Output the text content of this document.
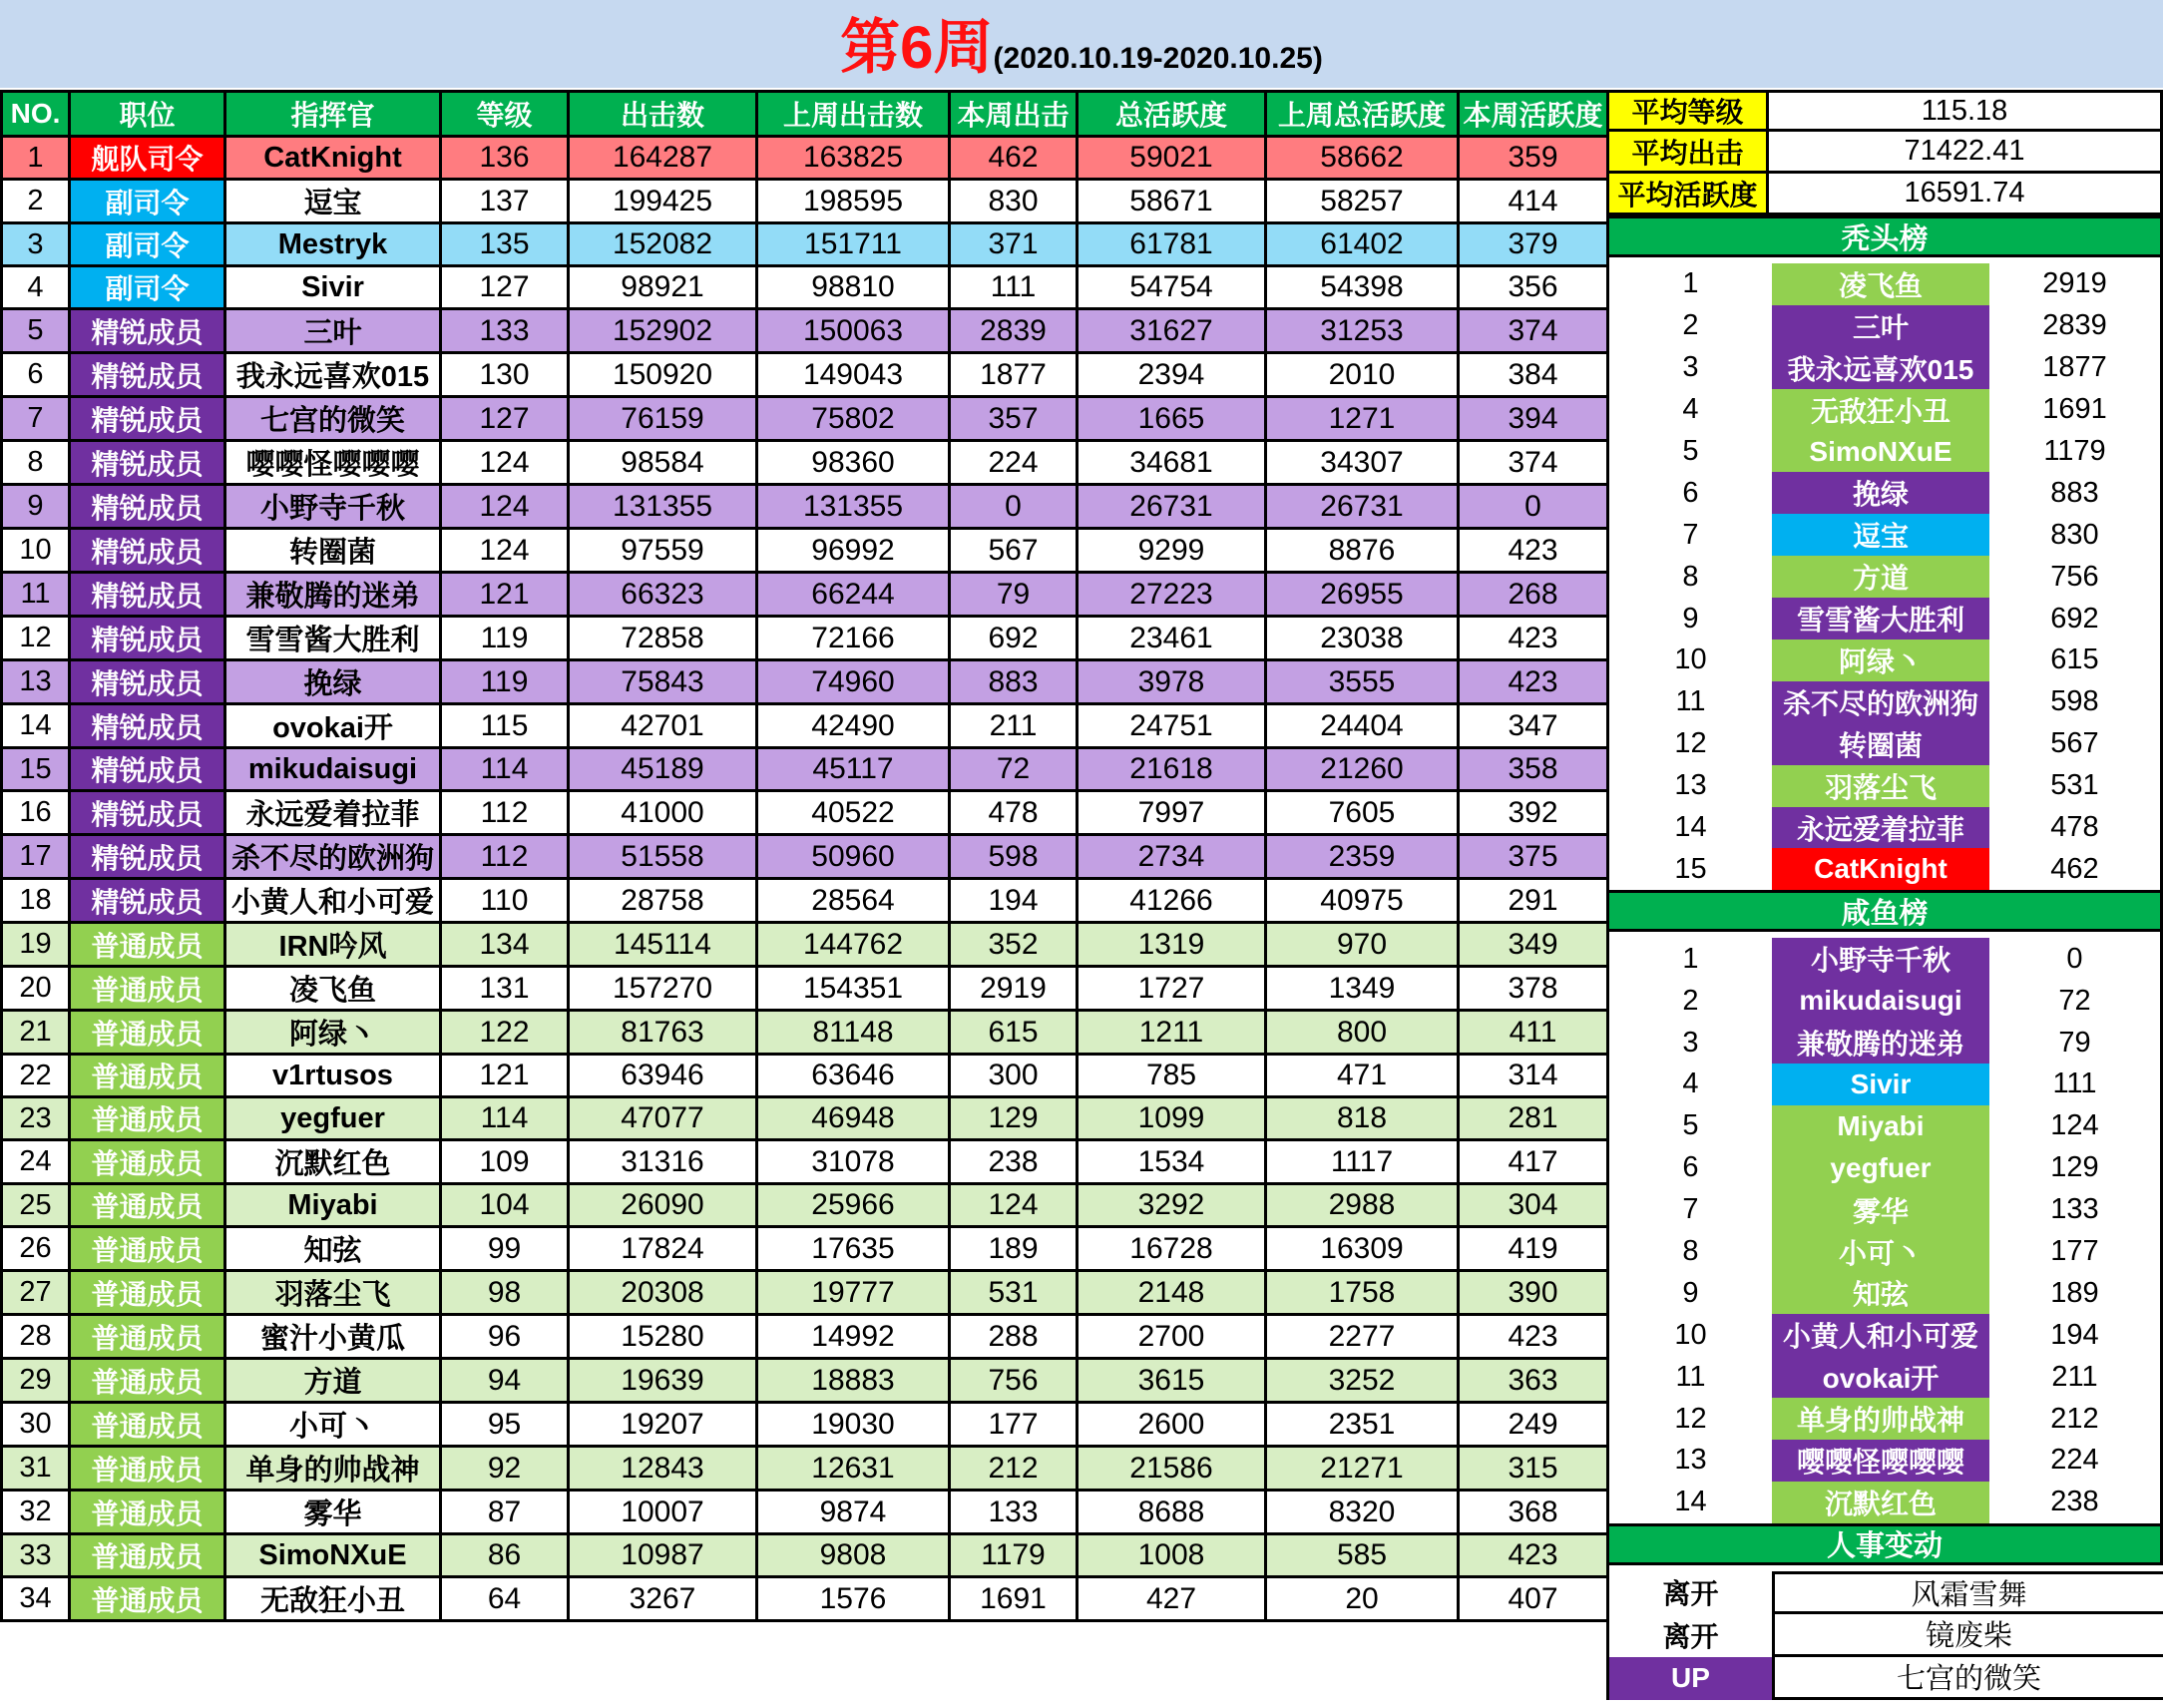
第6周(2020.10.19-2020.10.25)
NO.	职位	指挥官	等级	出击数	上周出击数	本周出击	总活跃度	上周总活跃度	本周活跃度
1	舰队司令	CatKnight	136	164287	163825	462	59021	58662	359
2	副司令	逗宝	137	199425	198595	830	58671	58257	414
3	副司令	Mestryk	135	152082	151711	371	61781	61402	379
4	副司令	Sivir	127	98921	98810	111	54754	54398	356
5	精锐成员	三叶	133	152902	150063	2839	31627	31253	374
6	精锐成员	我永远喜欢015	130	150920	149043	1877	2394	2010	384
7	精锐成员	七宫的微笑	127	76159	75802	357	1665	1271	394
8	精锐成员	嘤嘤怪嘤嘤嘤	124	98584	98360	224	34681	34307	374
9	精锐成员	小野寺千秋	124	131355	131355	0	26731	26731	0
10	精锐成员	转圈菌	124	97559	96992	567	9299	8876	423
11	精锐成员	兼敬腾的迷弟	121	66323	66244	79	27223	26955	268
12	精锐成员	雪雪酱大胜利	119	72858	72166	692	23461	23038	423
13	精锐成员	挽绿	119	75843	74960	883	3978	3555	423
14	精锐成员	ovokai开	115	42701	42490	211	24751	24404	347
15	精锐成员	mikudaisugi	114	45189	45117	72	21618	21260	358
16	精锐成员	永远爱着拉菲	112	41000	40522	478	7997	7605	392
17	精锐成员	杀不尽的欧洲狗	112	51558	50960	598	2734	2359	375
18	精锐成员	小黄人和小可爱	110	28758	28564	194	41266	40975	291
19	普通成员	IRN吟风	134	145114	144762	352	1319	970	349
20	普通成员	凌飞鱼	131	157270	154351	2919	1727	1349	378
21	普通成员	阿绿丶	122	81763	81148	615	1211	800	411
22	普通成员	v1rtusos	121	63946	63646	300	785	471	314
23	普通成员	yegfuer	114	47077	46948	129	1099	818	281
24	普通成员	沉默红色	109	31316	31078	238	1534	1117	417
25	普通成员	Miyabi	104	26090	25966	124	3292	2988	304
26	普通成员	知弦	99	17824	17635	189	16728	16309	419
27	普通成员	羽落尘飞	98	20308	19777	531	2148	1758	390
28	普通成员	蜜汁小黄瓜	96	15280	14992	288	2700	2277	423
29	普通成员	方道	94	19639	18883	756	3615	3252	363
30	普通成员	小可丶	95	19207	19030	177	2600	2351	249
31	普通成员	单身的帅战神	92	12843	12631	212	21586	21271	315
32	普通成员	雾华	87	10007	9874	133	8688	8320	368
33	普通成员	SimoNXuE	86	10987	9808	1179	1008	585	423
34	普通成员	无敌狂小丑	64	3267	1576	1691	427	20	407
平均等级	115.18
平均出击	71422.41
平均活跃度	16591.74
秃头榜
1	凌飞鱼	2919
2	三叶	2839
3	我永远喜欢015	1877
4	无敌狂小丑	1691
5	SimoNXuE	1179
6	挽绿	883
7	逗宝	830
8	方道	756
9	雪雪酱大胜利	692
10	阿绿丶	615
11	杀不尽的欧洲狗	598
12	转圈菌	567
13	羽落尘飞	531
14	永远爱着拉菲	478
15	CatKnight	462
咸鱼榜
1	小野寺千秋	0
2	mikudaisugi	72
3	兼敬腾的迷弟	79
4	Sivir	111
5	Miyabi	124
6	yegfuer	129
7	雾华	133
8	小可丶	177
9	知弦	189
10	小黄人和小可爱	194
11	ovokai开	211
12	单身的帅战神	212
13	嘤嘤怪嘤嘤嘤	224
14	沉默红色	238
人事变动
离开	风霜雪舞
离开	镜废柴
UP	七宫的微笑
